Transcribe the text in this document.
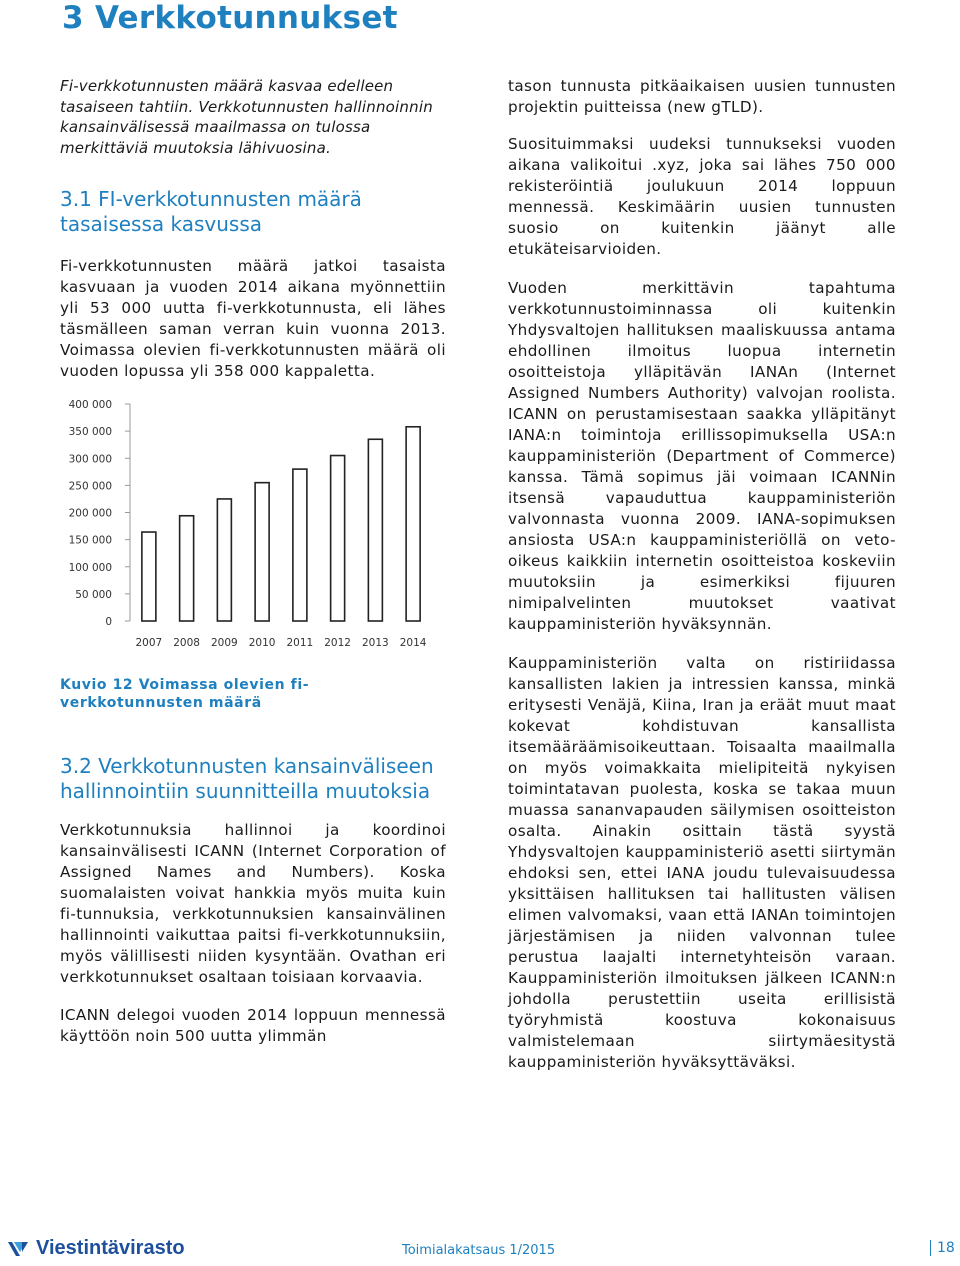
3 Verkkotunnukset

Fi-verkkotunnusten määrä kasvaa edelleen tasaiseen tahtiin. Verkkotunnusten hallinnoinnin kansainvälisessä maailmassa on tulossa merkittäviä muutoksia lähivuosina.

3.1 FI-verkkotunnusten määrä tasaisessa kasvussa

Fi-verkkotunnusten määrä jatkoi tasaista kasvuaan ja vuoden 2014 aikana myönnettiin yli 53 000 uutta fi-verkkotunnusta, eli lähes täsmälleen saman verran kuin vuonna 2013. Voimassa olevien fi-verkkotunnusten määrä oli vuoden lopussa yli 358 000 kappaletta.

0
50 000
100 000
150 000
200 000
250 000
300 000
350 000
400 000
2007 2008 2009 2010 2011 2012 2013 2014

Kuvio 12 Voimassa olevien fi-verkkotunnusten määrä

3.2 Verkkotunnusten kansainväliseen hallinnointiin suunnitteilla muutoksia

Verkkotunnuksia hallinnoi ja koordinoi kansainvälisesti ICANN (Internet Corporation of Assigned Names and Numbers). Koska suomalaisten voivat hankkia myös muita kuin fi-tunnuksia, verkkotunnuksien kansainvälinen hallinnointi vaikuttaa paitsi fi-verkkotunnuksiin, myös välillisesti niiden kysyntään. Ovathan eri verkkotunnukset osaltaan toisiaan korvaavia.

ICANN delegoi vuoden 2014 loppuun mennessä käyttöön noin 500 uutta ylimmän

tason tunnusta pitkäaikaisen uusien tunnusten projektin puitteissa (new gTLD).

Suosituimmaksi uudeksi tunnukseksi vuoden aikana valikoitui .xyz, joka sai lähes 750 000 rekisteröintiä joulukuun 2014 loppuun mennessä. Keskimäärin uusien tunnusten suosio on kuitenkin jäänyt alle etukäteisarvioiden.

Vuoden merkittävin tapahtuma verkkotunnustoiminnassa oli kuitenkin Yhdysvaltojen hallituksen maaliskuussa antama ehdollinen ilmoitus luopua internetin osoitteistoja ylläpitävän IANAn (Internet Assigned Numbers Authority) valvojan roolista. ICANN on perustamisestaan saakka ylläpitänyt IANA:n toimintoja erillissopimuksella USA:n kauppaministeriön (Department of Commerce) kanssa. Tämä sopimus jäi voimaan ICANNin itsensä vapauduttua kauppaministeriön valvonnasta vuonna 2009. IANA-sopimuksen ansiosta USA:n kauppaministeriöllä on veto-oikeus kaikkiin internetin osoitteistoa koskeviin muutoksiin ja esimerkiksi fijuuren nimipalvelinten muutokset vaativat kauppaministeriön hyväksynnän.

Kauppaministeriön valta on ristiriidassa kansallisten lakien ja intressien kanssa, minkä eritysesti Venäjä, Kiina, Iran ja eräät muut maat kokevat kohdistuvan kansallista itsemääräämisoikeuttaan. Toisaalta maailmalla on myös voimakkaita mielipiteitä nykyisen toimintatavan puolesta, koska se takaa muun muassa sananvapauden säilymisen osoitteiston osalta. Ainakin osittain tästä syystä Yhdysvaltojen kauppaministeriö asetti siirtymän ehdoksi sen, ettei IANA joudu tulevaisuudessa yksittäisen hallituksen tai hallitusten välisen elimen valvomaksi, vaan että IANAn toimintojen järjestämisen ja niiden valvonnan tulee perustua laajalti internetyhteisön varaan. Kauppaministeriön ilmoituksen jälkeen ICANN:n johdolla perustettiin useita erillisistä työryhmistä koostuva kokonaisuus valmistelemaan siirtymäesitystä kauppaministeriön hyväksyttäväksi.

Viestintävirasto	Toimialakatsaus 1/2015	18
